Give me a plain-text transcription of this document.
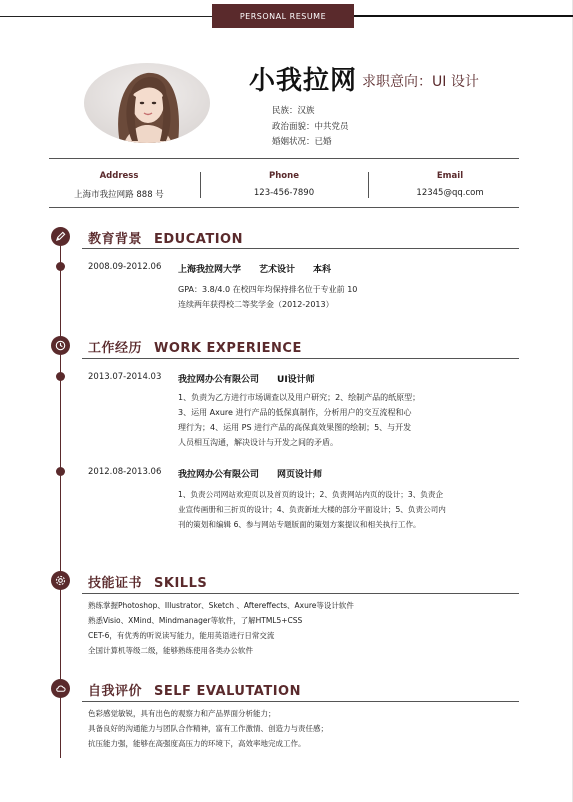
PERSONAL RESUME
小我拉网 求职意向：UI 设计
民族：汉族
政治面貌：中共党员
婚姻状况：已婚
Address
上海市我拉网路 888 号
Phone
123-456-7890
Email
12345@qq.com
教育背景 EDUCATION
2008.09-2012.06 上海我拉网大学 艺术设计 本科
GPA：3.8/4.0 在校四年均保持排名位于专业前 10
连续两年获得校二等奖学金（2012-2013）
工作经历 WORK EXPERIENCE
2013.07-2014.03 我拉网办公有限公司 UI设计师
1、负责为乙方进行市场调查以及用户研究；2、绘制产品的纸原型；
3、运用 Axure 进行产品的低保真制作，分析用户的交互流程和心
理行为；4、运用 PS 进行产品的高保真效果图的绘制；5、与开发
人员相互沟通，解决设计与开发之间的矛盾。
2012.08-2013.06 我拉网办公有限公司 网页设计师
1、负责公司网站欢迎页以及首页的设计；2、负责网站内页的设计；3、负责企
业宣传画册和三折页的设计；4、负责新址大楼的部分平面设计；5、负责公司内
刊的策划和编辑 6、参与网站专题版面的策划方案提议和相关执行工作。
技能证书 SKILLS
熟练掌握Photoshop、Illustrator、Sketch 、Aftereffects、Axure等设计软件
熟悉Visio、XMind、Mindmanager等软件，了解HTML5+CSS
CET-6，有优秀的听说读写能力，能用英语进行日常交流
全国计算机等级二级，能够熟练使用各类办公软件
自我评价 SELF EVALUTATION
色彩感觉敏锐，具有出色的观察力和产品界面分析能力；
具备良好的沟通能力与团队合作精神，富有工作激情、创造力与责任感；
抗压能力强，能够在高强度高压力的环境下，高效率地完成工作。
